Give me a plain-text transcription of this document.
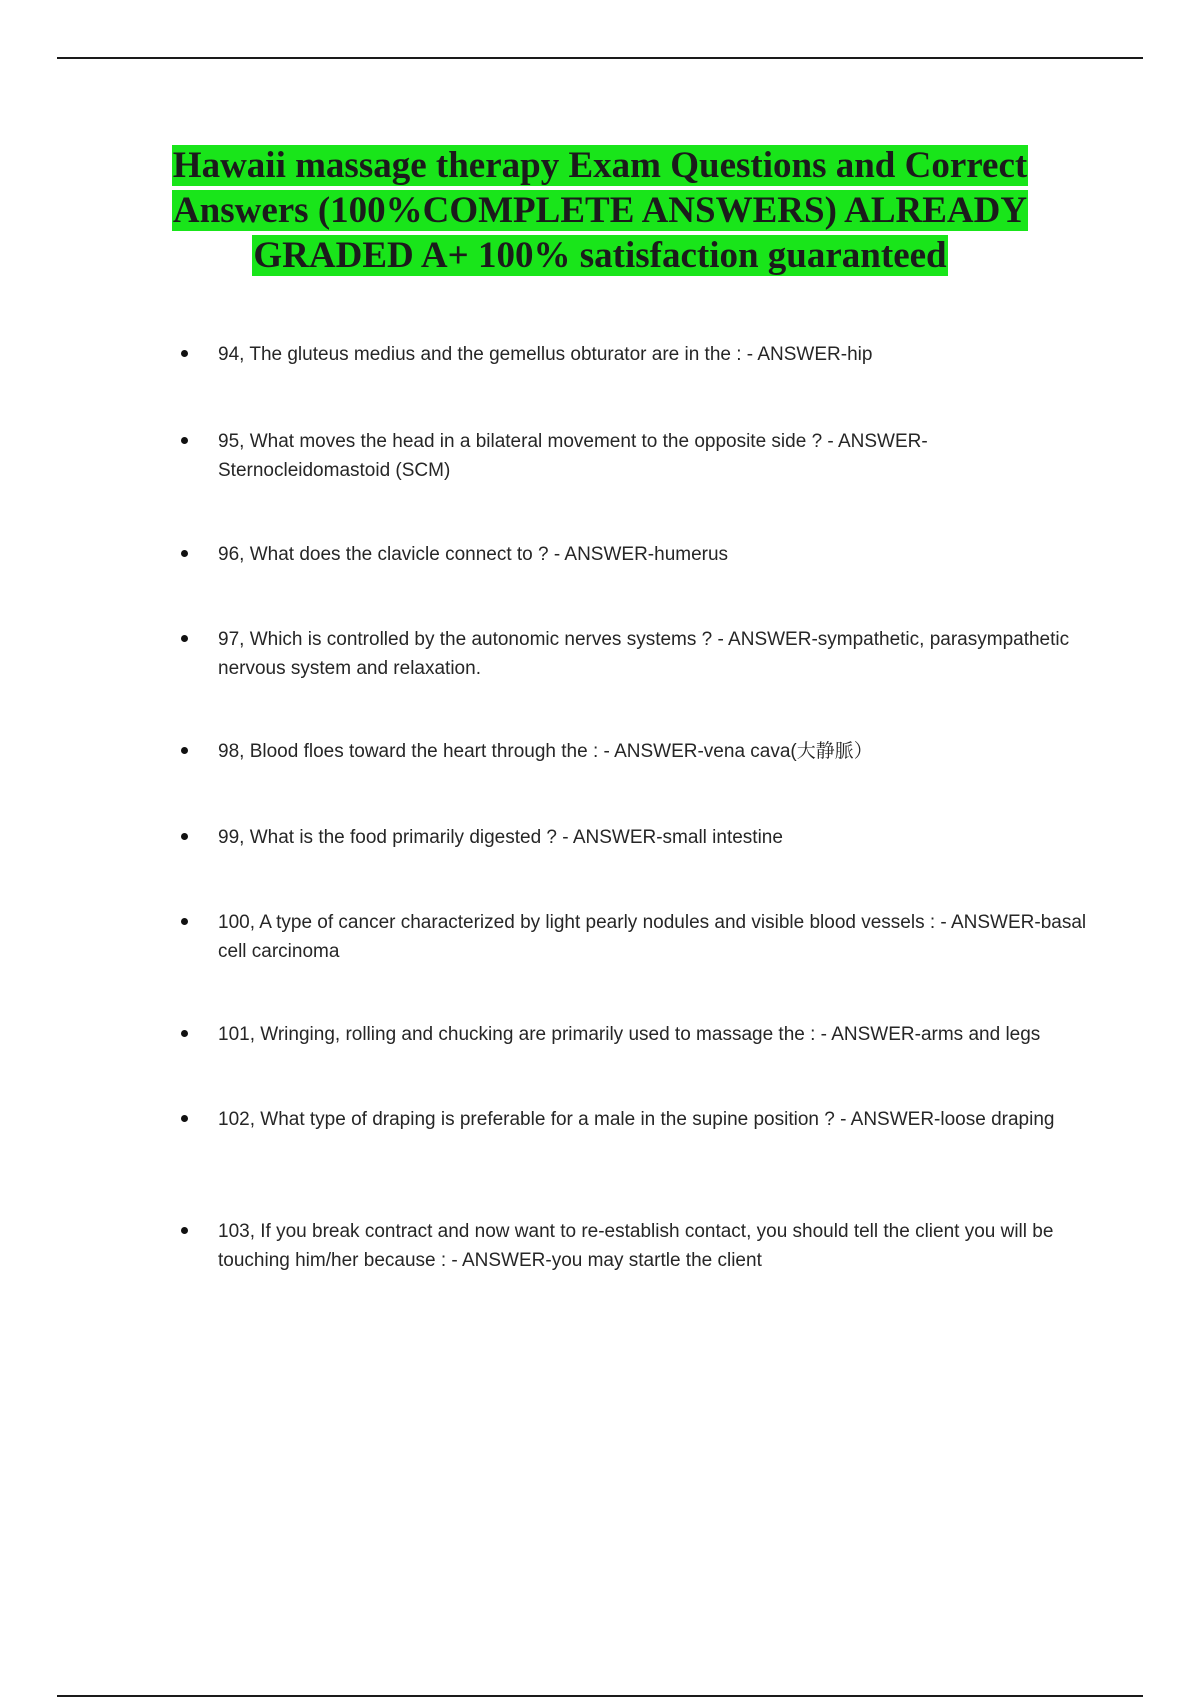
Hawaii massage therapy Exam Questions and Correct Answers (100%COMPLETE ANSWERS) ALREADY GRADED A+ 100% satisfaction guaranteed

94, The gluteus medius and the gemellus obturator are in the : - ANSWER-hip

95, What moves the head in a bilateral movement to the opposite side ? - ANSWER-Sternocleidomastoid (SCM)

96, What does the clavicle connect to ? - ANSWER-humerus

97, Which is controlled by the autonomic nerves systems ? - ANSWER-sympathetic, parasympathetic nervous system and relaxation.

98, Blood floes toward the heart through the : - ANSWER-vena cava(大静脈）

99, What is the food primarily digested ? - ANSWER-small intestine

100, A type of cancer characterized by light pearly nodules and visible blood vessels : - ANSWER-basal cell carcinoma

101, Wringing, rolling and chucking are primarily used to massage the : - ANSWER-arms and legs

102, What type of draping is preferable for a male in the supine position ? - ANSWER-loose draping

103, If you break contract and now want to re-establish contact, you should tell the client you will be touching him/her because : - ANSWER-you may startle the client
